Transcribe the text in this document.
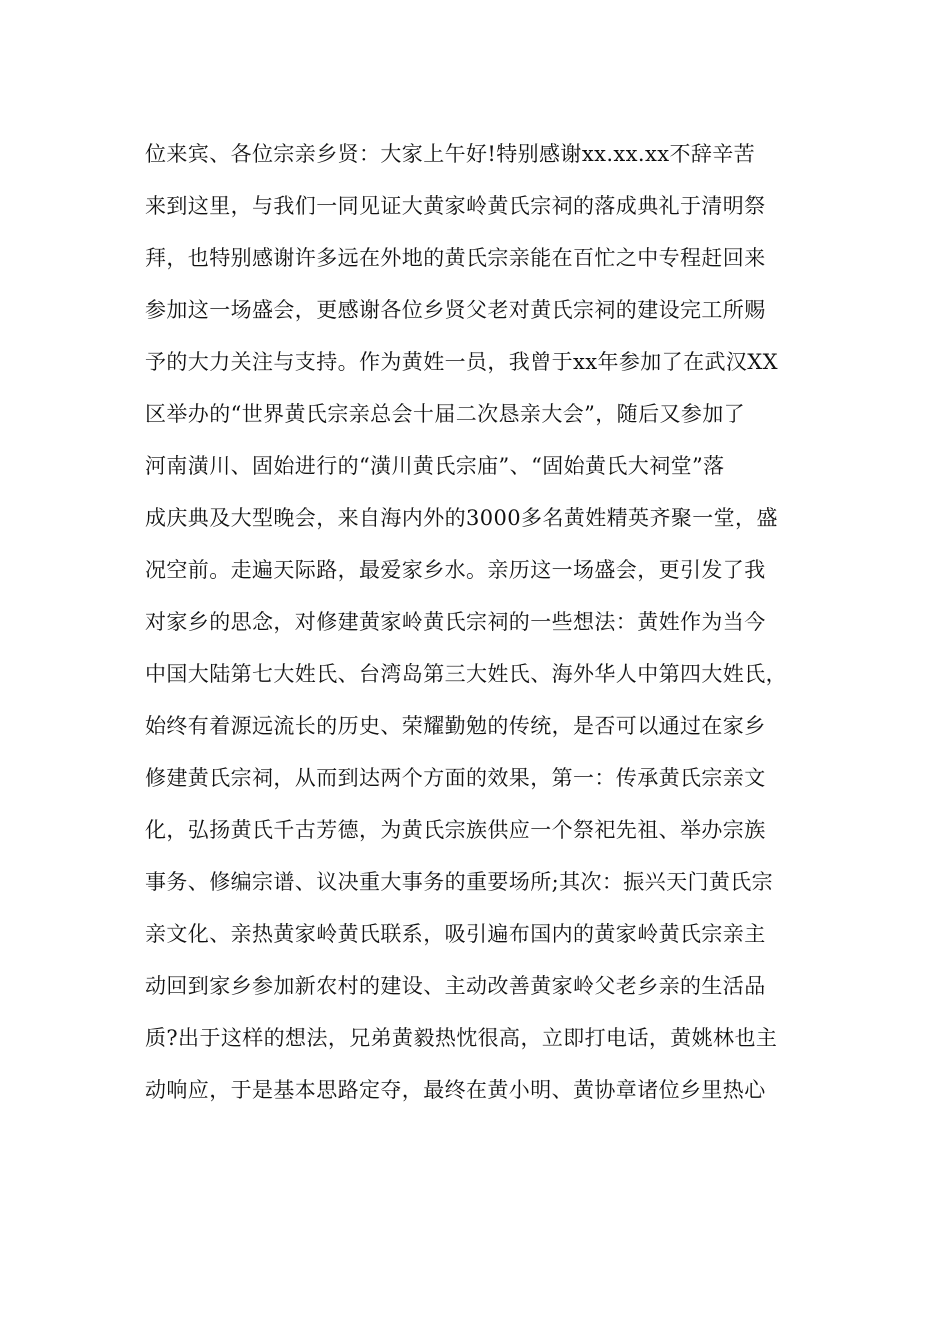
位来宾、各位宗亲乡贤：大家上午好!特别感谢xx.xx.xx不辞辛苦
来到这里，与我们一同见证大黄家岭黄氏宗祠的落成典礼于清明祭
拜，也特别感谢许多远在外地的黄氏宗亲能在百忙之中专程赶回来
参加这一场盛会，更感谢各位乡贤父老对黄氏宗祠的建设完工所赐
予的大力关注与支持。作为黄姓一员，我曾于xx年参加了在武汉XX
区举办的“世界黄氏宗亲总会十届二次恳亲大会”，随后又参加了
河南潢川、固始进行的“潢川黄氏宗庙”、“固始黄氏大祠堂”落
成庆典及大型晚会，来自海内外的3000多名黄姓精英齐聚一堂，盛
况空前。走遍天际路，最爱家乡水。亲历这一场盛会，更引发了我
对家乡的思念，对修建黄家岭黄氏宗祠的一些想法：黄姓作为当今
中国大陆第七大姓氏、台湾岛第三大姓氏、海外华人中第四大姓氏，
始终有着源远流长的历史、荣耀勤勉的传统，是否可以通过在家乡
修建黄氏宗祠，从而到达两个方面的效果，第一：传承黄氏宗亲文
化，弘扬黄氏千古芳德，为黄氏宗族供应一个祭祀先祖、举办宗族
事务、修编宗谱、议决重大事务的重要场所;其次：振兴天门黄氏宗
亲文化、亲热黄家岭黄氏联系，吸引遍布国内的黄家岭黄氏宗亲主
动回到家乡参加新农村的建设、主动改善黄家岭父老乡亲的生活品
质?出于这样的想法，兄弟黄毅热忱很高，立即打电话，黄姚林也主
动响应，于是基本思路定夺，最终在黄小明、黄协章诸位乡里热心
